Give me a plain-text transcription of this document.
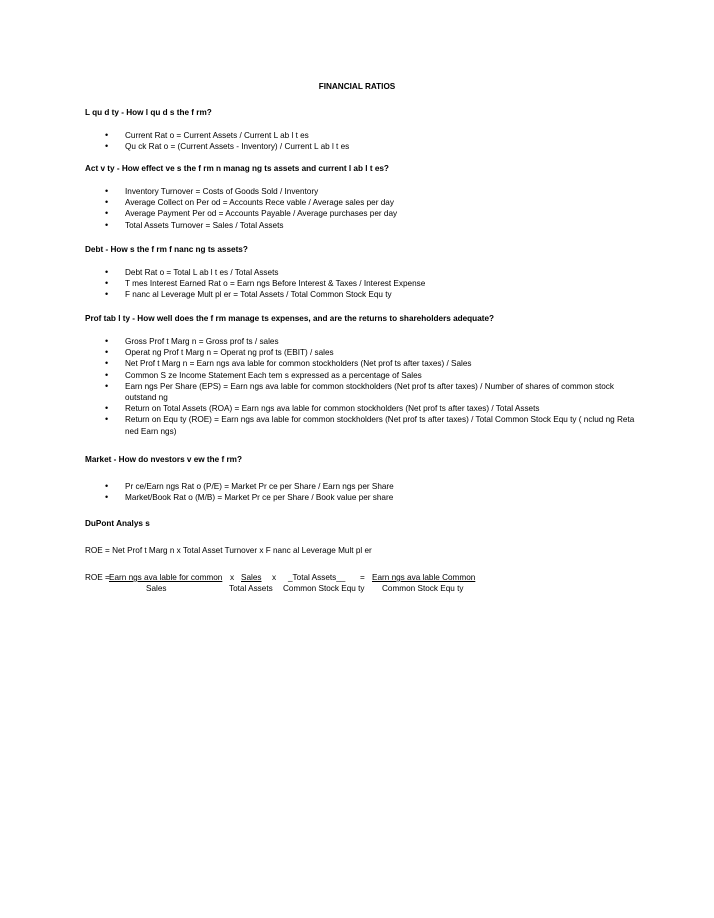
FINANCIAL RATIOS
L qu d ty - How l qu d s the f rm?
• Current Rat o = Current Assets / Current L ab l t es
• Qu ck Rat o = (Current Assets - Inventory) / Current L ab l t es
Act v ty - How effect ve s the f rm n manag ng ts assets and current l ab l t es?
• Inventory Turnover = Costs of Goods Sold / Inventory
• Average Collect on Per od = Accounts Rece vable / Average sales per day
• Average Payment Per od = Accounts Payable / Average purchases per day
• Total Assets Turnover = Sales / Total Assets
Debt - How s the f rm f nanc ng ts assets?
• Debt Rat o = Total L ab l t es / Total Assets
• T mes Interest Earned Rat o = Earn ngs Before Interest & Taxes / Interest Expense
• F nanc al Leverage Mult pl er = Total Assets / Total Common Stock Equ ty
Prof tab l ty - How well does the f rm manage ts expenses, and are the returns to shareholders adequate?
• Gross Prof t Marg n = Gross prof ts / sales
• Operat ng Prof t Marg n = Operat ng prof ts (EBIT) / sales
• Net Prof t Marg n = Earn ngs ava lable for common stockholders (Net prof ts after taxes) / Sales
• Common S ze Income Statement Each tem s expressed as a percentage of Sales
• Earn ngs Per Share (EPS) = Earn ngs ava lable for common stockholders (Net prof ts after taxes) / Number of shares of common stock outstand ng
• Return on Total Assets (ROA) = Earn ngs ava lable for common stockholders (Net prof ts after taxes) / Total Assets
• Return on Equ ty (ROE) = Earn ngs ava lable for common stockholders (Net prof ts after taxes) / Total Common Stock Equ ty ( nclud ng Reta ned Earn ngs)
Market - How do nvestors v ew the f rm?
• Pr ce/Earn ngs Rat o (P/E) = Market Pr ce per Share / Earn ngs per Share
• Market/Book Rat o (M/B) = Market Pr ce per Share / Book value per share
DuPont Analys s
ROE = Net Prof t Marg n x Total Asset Turnover x F nanc al Leverage Mult pl er
ROE = Earn ngs ava lable for common x Sales x _Total Assets__ = Earn ngs ava lable Common
Sales	Total Assets Common Stock Equ ty Common Stock Equ ty
